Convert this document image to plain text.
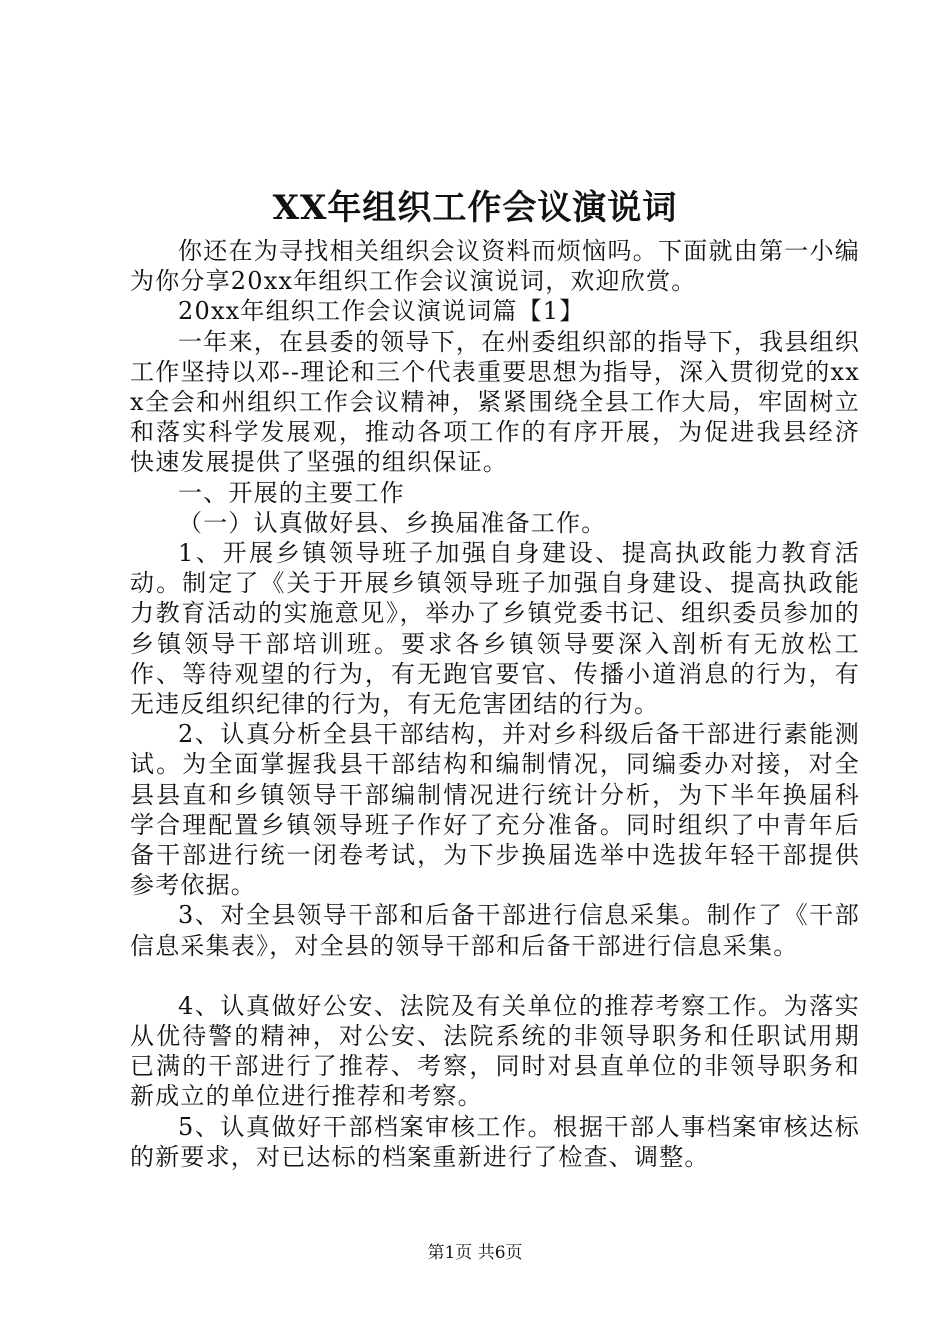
XX年组织工作会议演说词

你还在为寻找相关组织会议资料而烦恼吗。下面就由第一小编为你分享20xx年组织工作会议演说词，欢迎欣赏。

20xx年组织工作会议演说词篇【1】

一年来，在县委的领导下，在州委组织部的指导下，我县组织工作坚持以邓--理论和三个代表重要思想为指导，深入贯彻党的xxx全会和州组织工作会议精神，紧紧围绕全县工作大局，牢固树立和落实科学发展观，推动各项工作的有序开展，为促进我县经济快速发展提供了坚强的组织保证。

一、开展的主要工作

（一）认真做好县、乡换届准备工作。

1、开展乡镇领导班子加强自身建设、提高执政能力教育活动。制定了《关于开展乡镇领导班子加强自身建设、提高执政能力教育活动的实施意见》，举办了乡镇党委书记、组织委员参加的乡镇领导干部培训班。要求各乡镇领导要深入剖析有无放松工作、等待观望的行为，有无跑官要官、传播小道消息的行为，有无违反组织纪律的行为，有无危害团结的行为。

2、认真分析全县干部结构，并对乡科级后备干部进行素能测试。为全面掌握我县干部结构和编制情况，同编委办对接，对全县县直和乡镇领导干部编制情况进行统计分析，为下半年换届科学合理配置乡镇领导班子作好了充分准备。同时组织了中青年后备干部进行统一闭卷考试，为下步换届选举中选拔年轻干部提供参考依据。

3、对全县领导干部和后备干部进行信息采集。制作了《干部信息采集表》，对全县的领导干部和后备干部进行信息采集。

4、认真做好公安、法院及有关单位的推荐考察工作。为落实从优待警的精神，对公安、法院系统的非领导职务和任职试用期已满的干部进行了推荐、考察，同时对县直单位的非领导职务和新成立的单位进行推荐和考察。

5、认真做好干部档案审核工作。根据干部人事档案审核达标的新要求，对已达标的档案重新进行了检查、调整。

第1页 共6页
